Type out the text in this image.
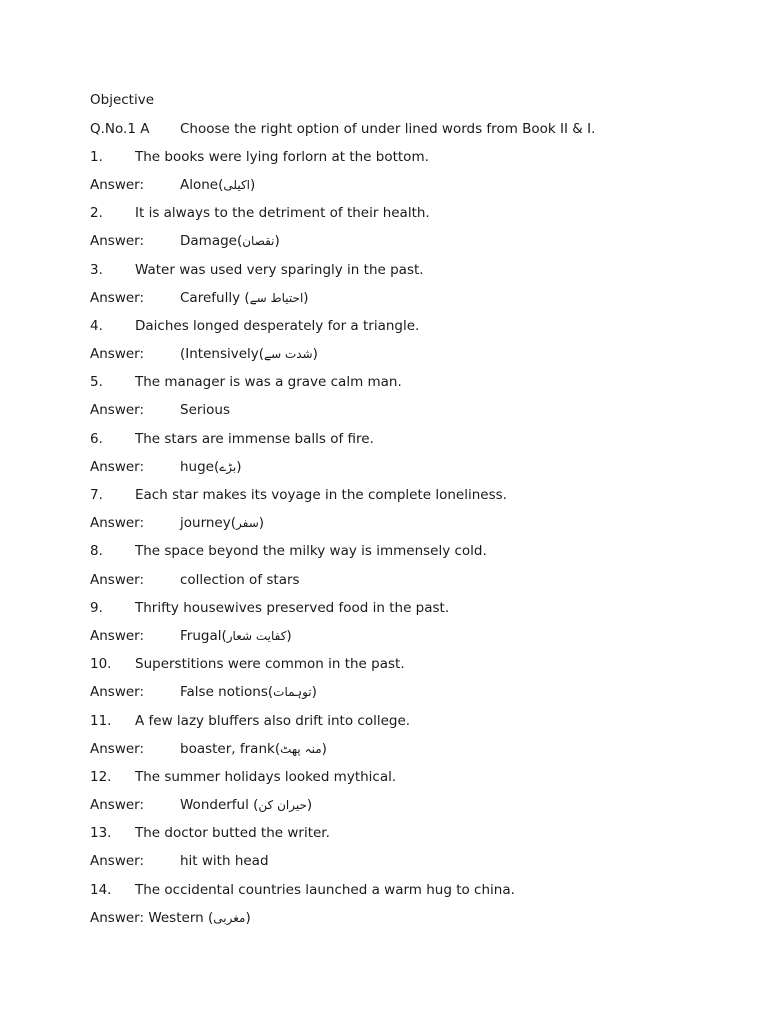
Objective
Q.No.1 A Choose the right option of under lined words from Book II & I.
1. The books were lying forlorn at the bottom.
Answer:	Alone(اکیلی)
2. It is always to the detriment of their health.
Answer:	Damage(نقصان)
3. Water was used very sparingly in the past.
Answer:	Carefully (احتیاط سے)
4. Daiches longed desperately for a triangle.
Answer:	(Intensively(شدت سے)
5. The manager is was a grave calm man.
Answer:	Serious
6. The stars are immense balls of fire.
Answer:	huge(بڑے)
7. Each star makes its voyage in the complete loneliness.
Answer:	journey(سفر)
8. The space beyond the milky way is immensely cold.
Answer:	collection of stars
9. Thrifty housewives preserved food in the past.
Answer:	Frugal(کفایت شعار)
10. Superstitions were common in the past.
Answer:	False notions(توہمات)
11. A few lazy bluffers also drift into college.
Answer:	boaster, frank(منہ پھٹ)
12. The summer holidays looked mythical.
Answer:	Wonderful (حیران کن)
13. The doctor butted the writer.
Answer:	hit with head
14. The occidental countries launched a warm hug to china.
Answer: Western (مغربی)
